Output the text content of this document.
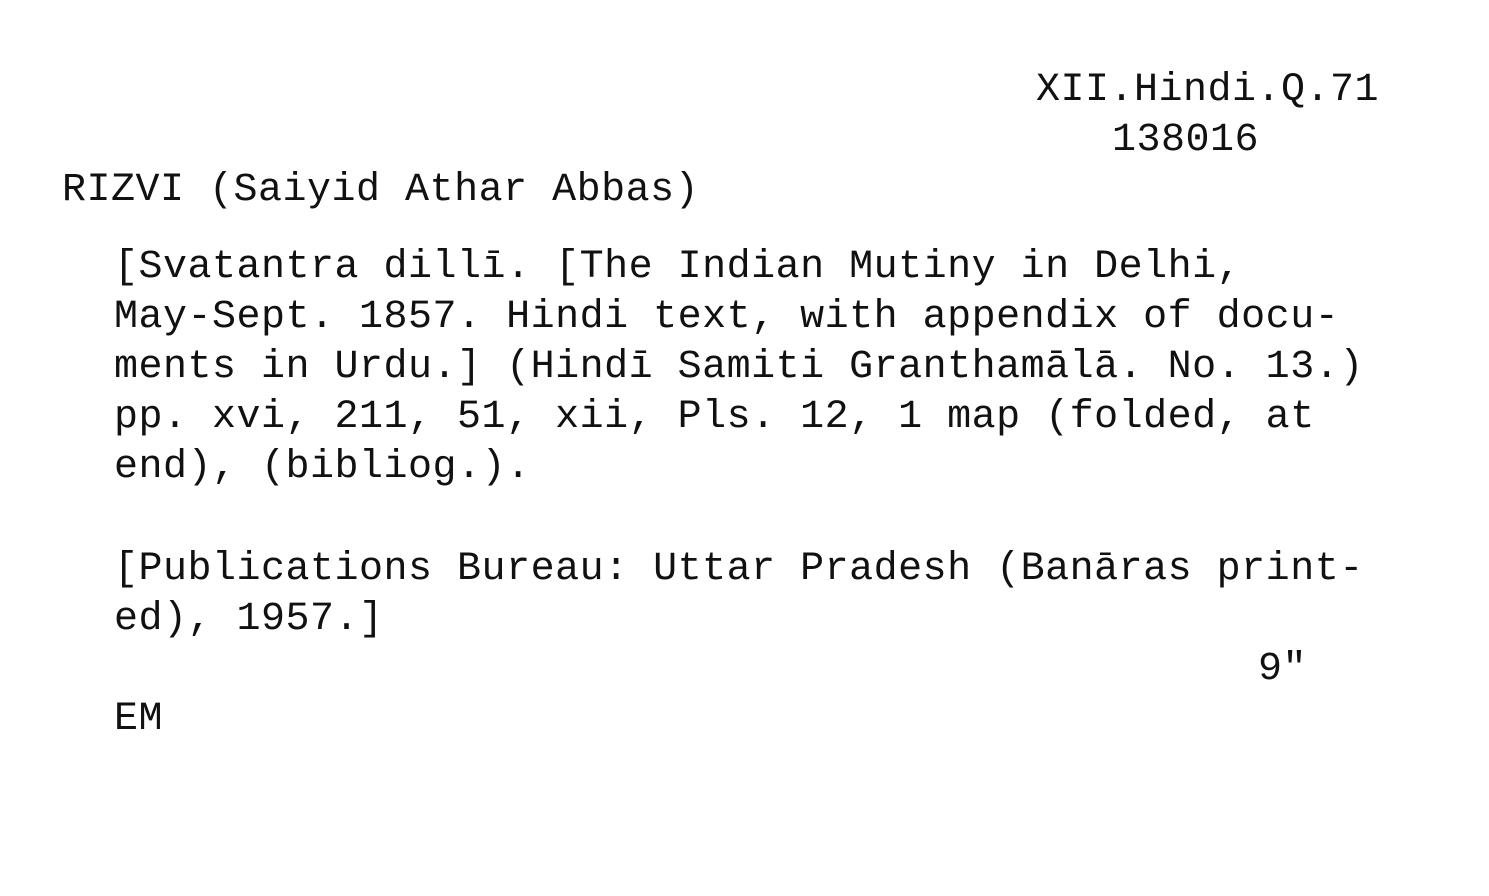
XII.Hindi.Q.71
138016
RIZVI (Saiyid Athar Abbas)
[Svatantra dillī. [The Indian Mutiny in Delhi,
May-Sept. 1857. Hindi text, with appendix of docu-
ments in Urdu.] (Hindī Samiti Granthamālā. No. 13.)
pp. xvi, 211, 51, xii, Pls. 12, 1 map (folded, at
end), (bibliog.).
[Publications Bureau: Uttar Pradesh (Banāras print-
ed), 1957.]
9"
EM
